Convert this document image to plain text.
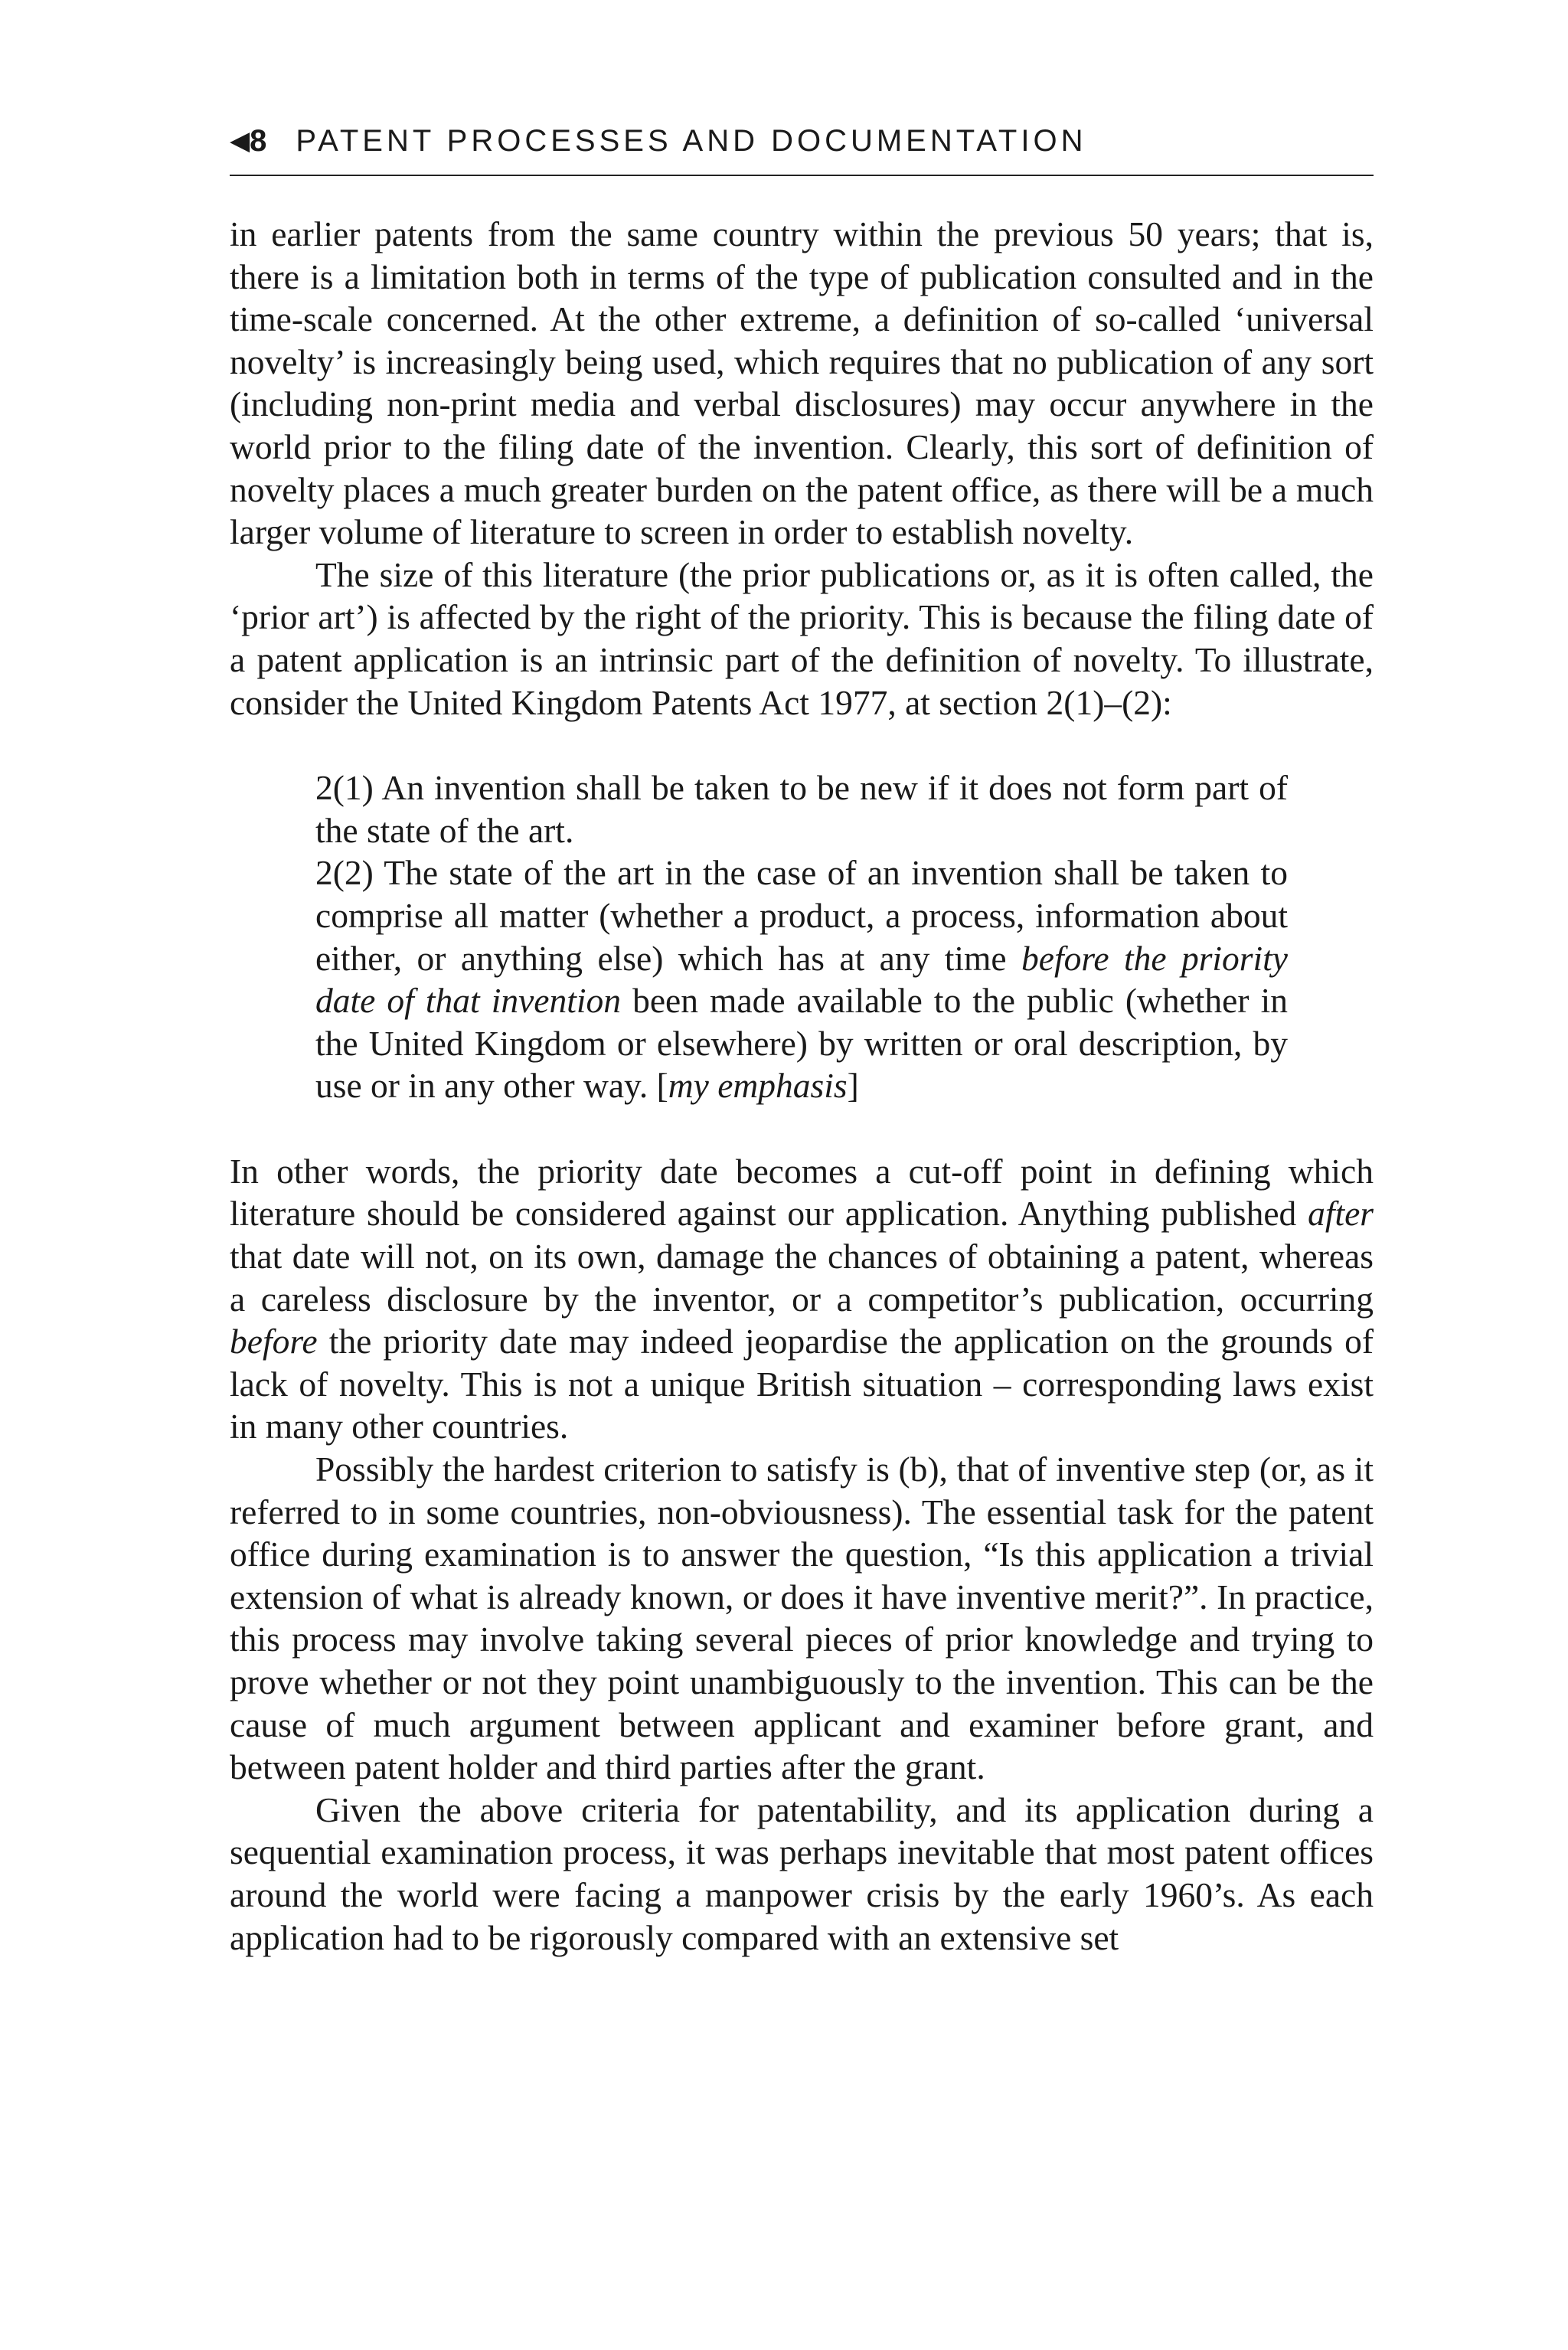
◀ 8 PATENT PROCESSES AND DOCUMENTATION

in earlier patents from the same country within the previous 50 years; that is, there is a limitation both in terms of the type of publication consulted and in the time-scale concerned. At the other extreme, a definition of so-called ‘universal novelty’ is increasingly being used, which requires that no publication of any sort (including non-print media and verbal disclosures) may occur anywhere in the world prior to the filing date of the invention. Clearly, this sort of definition of novelty places a much greater burden on the patent office, as there will be a much larger volume of literature to screen in order to establish novelty.

The size of this literature (the prior publications or, as it is often called, the ‘prior art’) is affected by the right of the priority. This is because the filing date of a patent application is an intrinsic part of the definition of novelty. To illustrate, consider the United Kingdom Patents Act 1977, at section 2(1)–(2):

2(1) An invention shall be taken to be new if it does not form part of the state of the art.

2(2) The state of the art in the case of an invention shall be taken to comprise all matter (whether a product, a process, information about either, or anything else) which has at any time before the priority date of that invention been made available to the public (whether in the United Kingdom or elsewhere) by written or oral description, by use or in any other way. [my emphasis]

In other words, the priority date becomes a cut-off point in defining which literature should be considered against our application. Anything published after that date will not, on its own, damage the chances of obtaining a patent, whereas a careless disclosure by the inventor, or a competitor’s publication, occurring before the priority date may indeed jeopardise the application on the grounds of lack of novelty. This is not a unique British situation – corresponding laws exist in many other countries.

Possibly the hardest criterion to satisfy is (b), that of inventive step (or, as it referred to in some countries, non-obviousness). The essential task for the patent office during examination is to answer the question, “Is this application a trivial extension of what is already known, or does it have inventive merit?”. In practice, this process may involve taking several pieces of prior knowledge and trying to prove whether or not they point unambiguously to the invention. This can be the cause of much argument between applicant and examiner before grant, and between patent holder and third parties after the grant.

Given the above criteria for patentability, and its application during a sequential examination process, it was perhaps inevitable that most patent offices around the world were facing a manpower crisis by the early 1960’s. As each application had to be rigorously compared with an extensive set
